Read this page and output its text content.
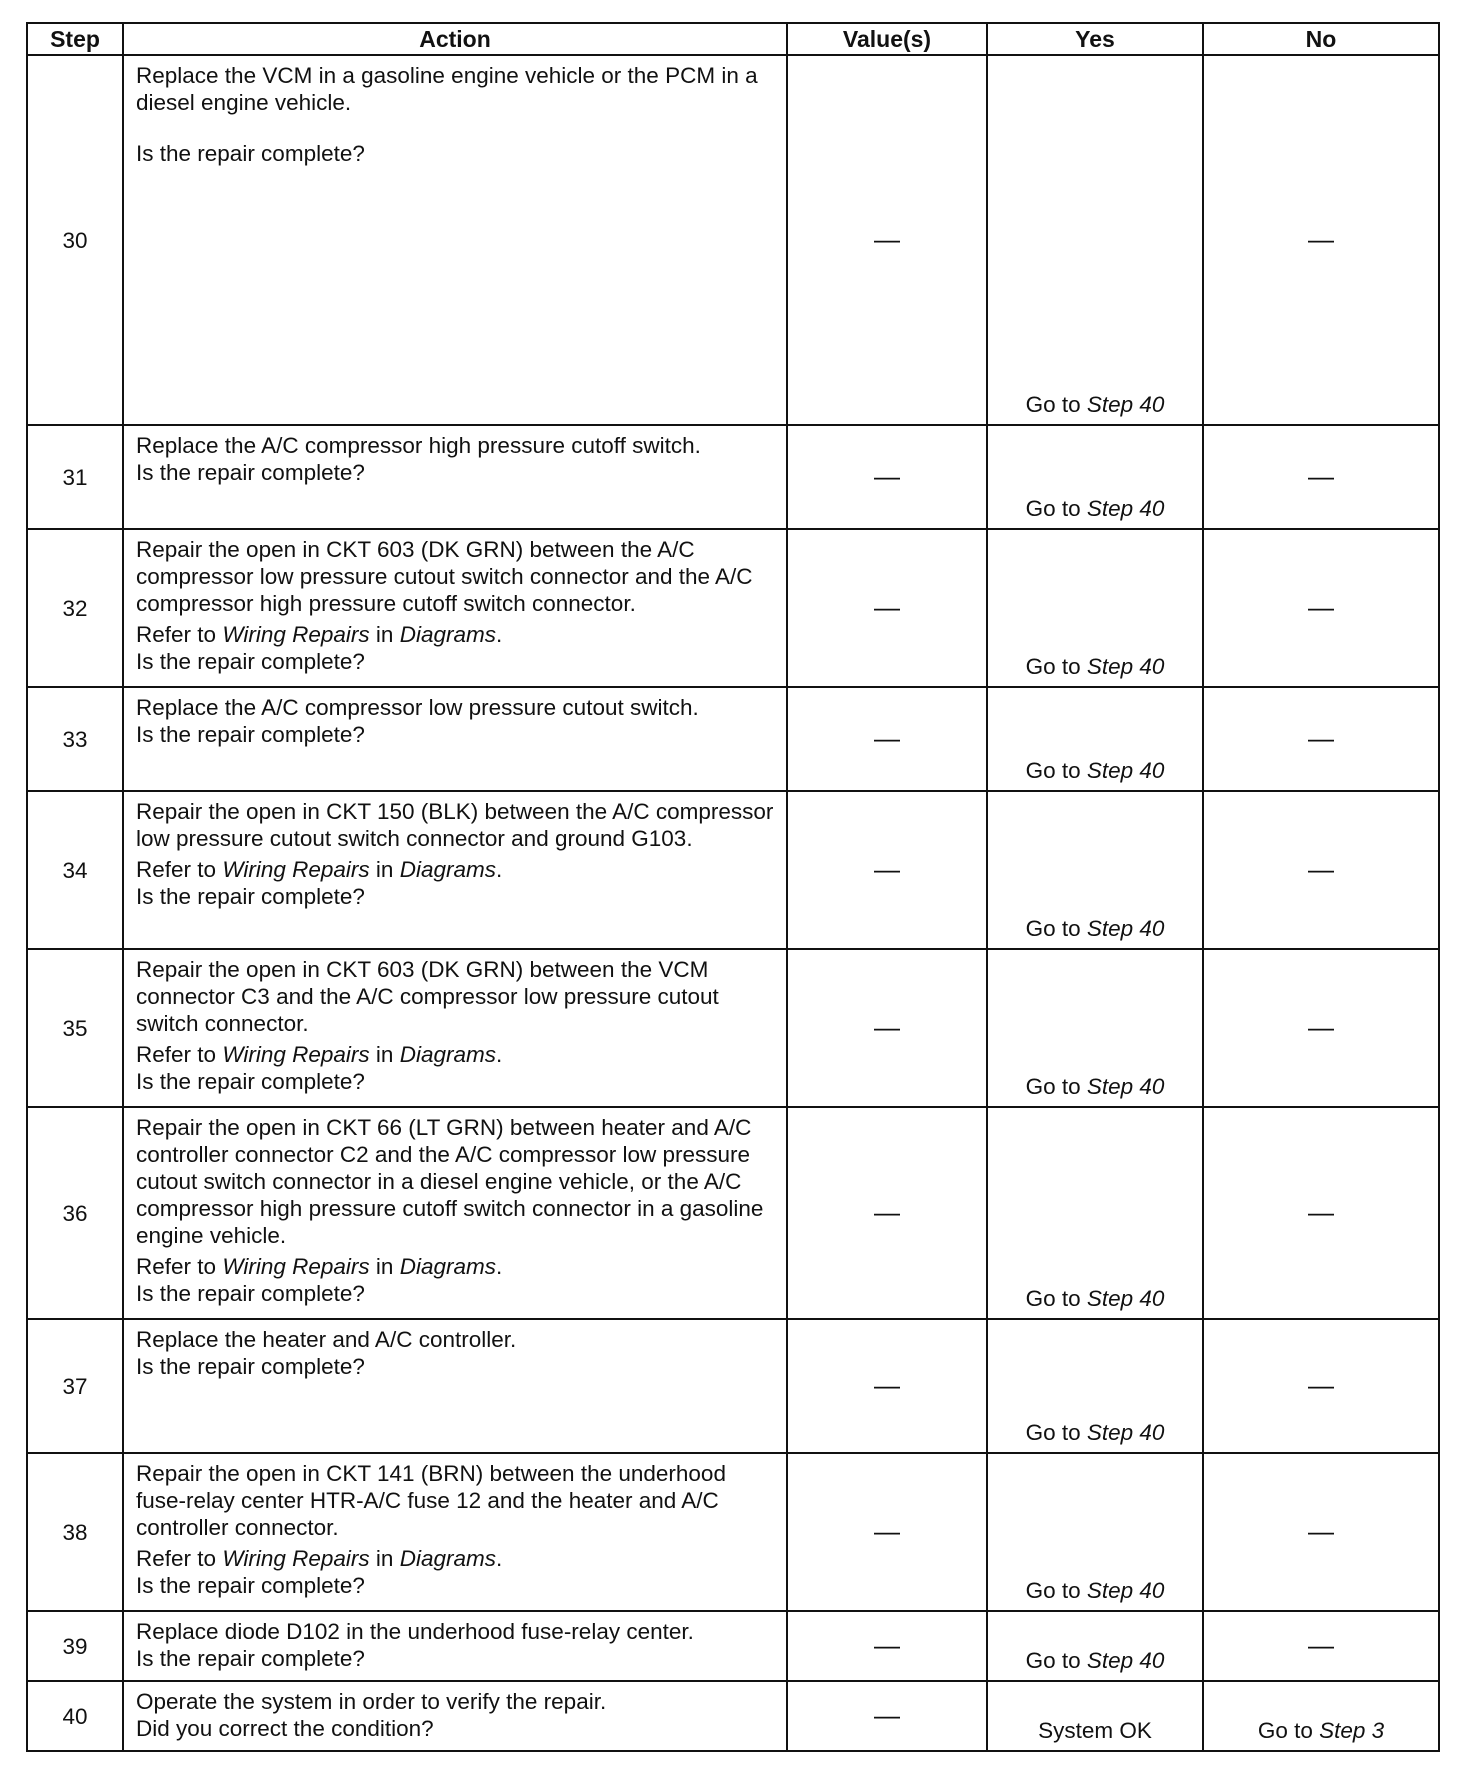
Step	Action	Value(s)	Yes	No
30	Replace the VCM in a gasoline engine vehicle or the PCM in a diesel engine vehicle.
Is the repair complete?	—	Go to Step 40	—
31	Replace the A/C compressor high pressure cutoff switch.
Is the repair complete?	—	Go to Step 40	—
32	Repair the open in CKT 603 (DK GRN) between the A/C compressor low pressure cutout switch connector and the A/C compressor high pressure cutoff switch connector.
Refer to Wiring Repairs in Diagrams.
Is the repair complete?	—	Go to Step 40	—
33	Replace the A/C compressor low pressure cutout switch.
Is the repair complete?	—	Go to Step 40	—
34	Repair the open in CKT 150 (BLK) between the A/C compressor low pressure cutout switch connector and ground G103.
Refer to Wiring Repairs in Diagrams.
Is the repair complete?	—	Go to Step 40	—
35	Repair the open in CKT 603 (DK GRN) between the VCM connector C3 and the A/C compressor low pressure cutout switch connector.
Refer to Wiring Repairs in Diagrams.
Is the repair complete?	—	Go to Step 40	—
36	Repair the open in CKT 66 (LT GRN) between heater and A/C controller connector C2 and the A/C compressor low pressure cutout switch connector in a diesel engine vehicle, or the A/C compressor high pressure cutoff switch connector in a gasoline engine vehicle.
Refer to Wiring Repairs in Diagrams.
Is the repair complete?	—	Go to Step 40	—
37	Replace the heater and A/C controller.
Is the repair complete?	—	Go to Step 40	—
38	Repair the open in CKT 141 (BRN) between the underhood fuse-relay center HTR-A/C fuse 12 and the heater and A/C controller connector.
Refer to Wiring Repairs in Diagrams.
Is the repair complete?	—	Go to Step 40	—
39	Replace diode D102 in the underhood fuse-relay center.
Is the repair complete?	—	Go to Step 40	—
40	Operate the system in order to verify the repair.
Did you correct the condition?	—	System OK	Go to Step 3
